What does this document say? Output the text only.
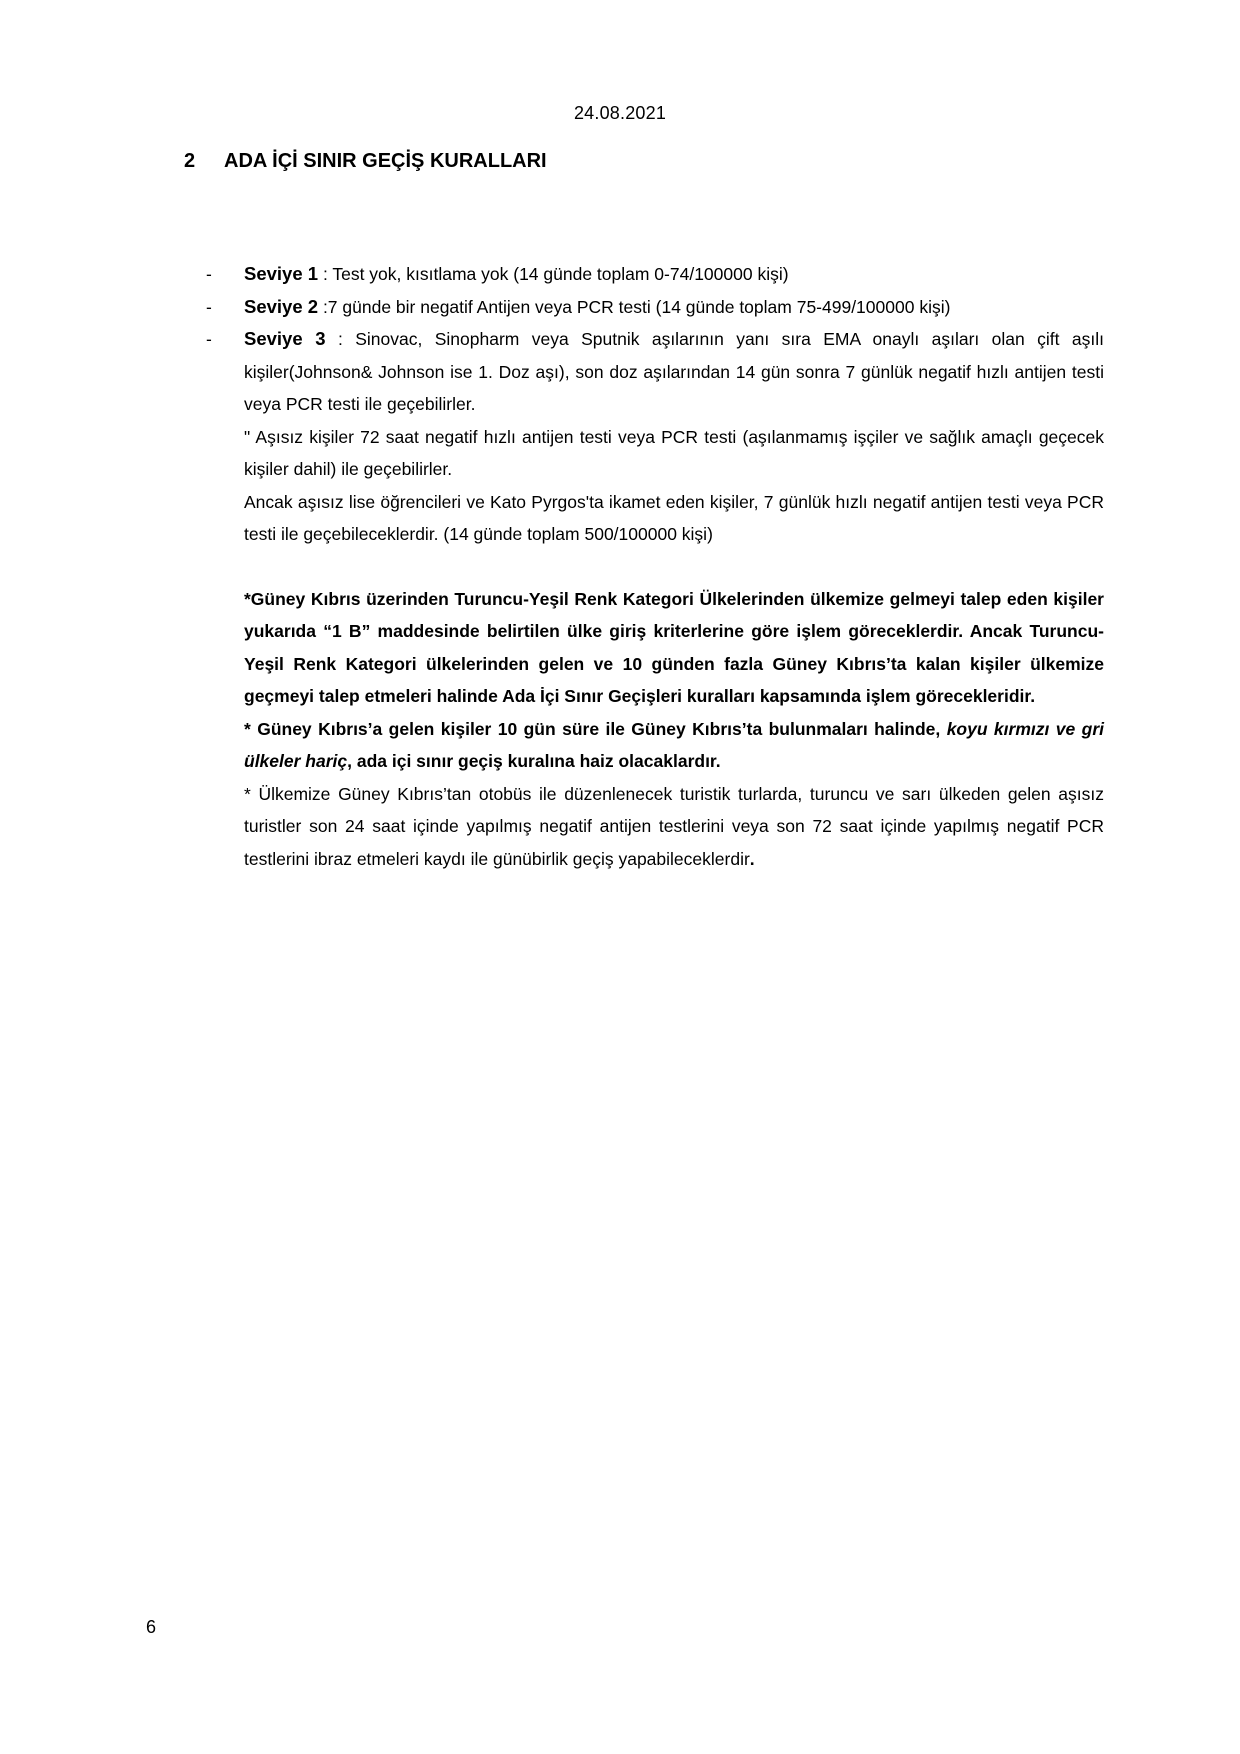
24.08.2021
2	ADA İÇİ SINIR GEÇİŞ KURALLARI
- Seviye 1 : Test yok, kısıtlama yok (14 günde toplam 0-74/100000 kişi)
- Seviye 2 :7 günde bir negatif Antijen veya PCR testi (14 günde toplam 75-499/100000 kişi)
- Seviye 3 : Sinovac, Sinopharm veya Sputnik aşılarının yanı sıra EMA onaylı aşıları olan çift aşılı kişiler(Johnson& Johnson ise 1. Doz aşı), son doz aşılarından 14 gün sonra 7 günlük negatif hızlı antijen testi veya PCR testi ile geçebilirler.

" Aşısız kişiler 72 saat negatif hızlı antijen testi veya PCR testi (aşılanmamış işçiler ve sağlık amaçlı geçecek kişiler dahil) ile geçebilirler.

Ancak aşısız lise öğrencileri ve Kato Pyrgos'ta ikamet eden kişiler, 7 günlük hızlı negatif antijen testi veya PCR testi ile geçebileceklerdir. (14 günde toplam 500/100000 kişi)

*Güney Kıbrıs üzerinden Turuncu-Yeşil Renk Kategori Ülkelerinden ülkemize gelmeyi talep eden kişiler yukarıda “1 B” maddesinde belirtilen ülke giriş kriterlerine göre işlem göreceklerdir. Ancak Turuncu-Yeşil Renk Kategori ülkelerinden gelen ve 10 günden fazla Güney Kıbrıs’ta kalan kişiler ülkemize geçmeyi talep etmeleri halinde Ada İçi Sınır Geçişleri kuralları kapsamında işlem görecekleridir.

* Güney Kıbrıs’a gelen kişiler 10 gün süre ile Güney Kıbrıs’ta bulunmaları halinde, koyu kırmızı ve gri ülkeler hariç, ada içi sınır geçiş kuralına haiz olacaklardır.

* Ülkemize Güney Kıbrıs’tan otobüs ile düzenlenecek turistik turlarda, turuncu ve sarı ülkeden gelen aşısız turistler son 24 saat içinde yapılmış negatif antijen testlerini veya son 72 saat içinde yapılmış negatif PCR testlerini ibraz etmeleri kaydı ile günübirlik geçiş yapabileceklerdir.

6
